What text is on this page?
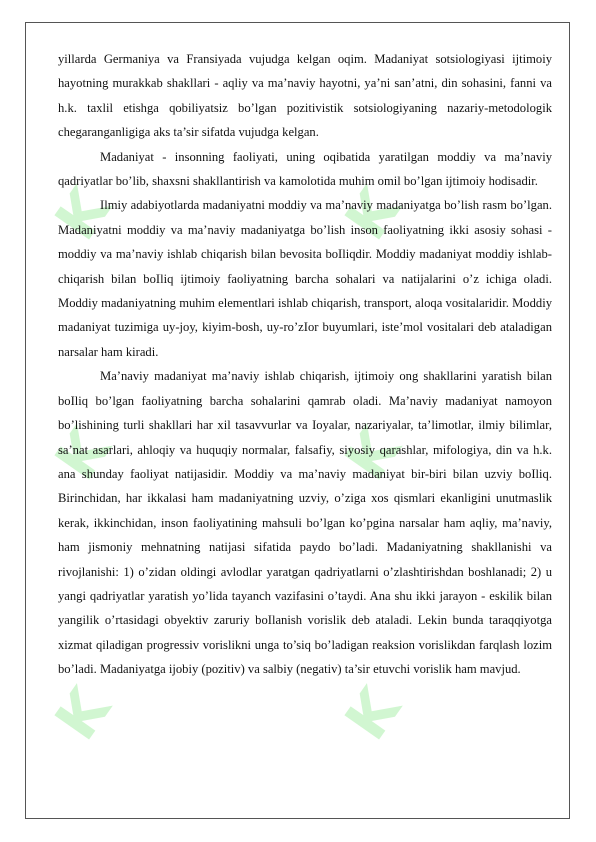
K	K
K	K
K	K

yillarda Germaniya va Fransiyada vujudga kelgan oqim. Madaniyat sotsiologiyasi ijtimoiy hayotning murakkab shakllari - aqliy va ma’naviy hayotni, ya’ni san’atni, din sohasini, fanni va h.k. taxlil etishga qobiliyatsiz bo’lgan pozitivistik sotsiologiyaning nazariy-metodologik chegaranganligiga aks ta’sir sifatda vujudga kelgan.

Madaniyat - insonning faoliyati, uning oqibatida yaratilgan moddiy va ma’naviy qadriyatlar bo’lib, shaxsni shakllantirish va kamolotida muhim omil bo’lgan ijtimoiy hodisadir.

Ilmiy adabiyotlarda madaniyatni moddiy va ma’naviy madaniyatga bo’lish rasm bo’lgan. Madaniyatni moddiy va ma’naviy madaniyatga bo’lish inson faoliyatning ikki asosiy sohasi - moddiy va ma’naviy ishlab chiqarish bilan bevosita boIliqdir. Moddiy madaniyat moddiy ishlab-chiqarish bilan boIliq ijtimoiy faoliyatning barcha sohalari va natijalarini o’z ichiga oladi. Moddiy madaniyatning muhim elementlari ishlab chiqarish, transport, aloqa vositalaridir. Moddiy madaniyat tuzimiga uy-joy, kiyim-bosh, uy-ro’zIor buyumlari, iste’mol vositalari deb ataladigan narsalar ham kiradi.

Ma’naviy madaniyat ma’naviy ishlab chiqarish, ijtimoiy ong shakllarini yaratish bilan boIliq bo’lgan faoliyatning barcha sohalarini qamrab oladi. Ma’naviy madaniyat namoyon bo’lishining turli shakllari har xil tasavvurlar va Ioyalar, nazariyalar, ta’limotlar, ilmiy bilimlar, sa’nat asarlari, ahloqiy va huquqiy normalar, falsafiy, siyosiy qarashlar, mifologiya, din va h.k. ana shunday faoliyat natijasidir. Moddiy va ma’naviy madaniyat bir-biri bilan uzviy boIliq. Birinchidan, har ikkalasi ham madaniyatning uzviy, o’ziga xos qismlari ekanligini unutmaslik kerak, ikkinchidan, inson faoliyatining mahsuli bo’lgan ko’pgina narsalar ham aqliy, ma’naviy, ham jismoniy mehnatning natijasi sifatida paydo bo’ladi. Madaniyatning shakllanishi va rivojlanishi: 1) o’zidan oldingi avlodlar yaratgan qadriyatlarni o’zlashtirishdan boshlanadi; 2) u yangi qadriyatlar yaratish yo’lida tayanch vazifasini o’taydi. Ana shu ikki jarayon - eskilik bilan yangilik o’rtasidagi obyektiv zaruriy boIlanish vorislik deb ataladi. Lekin bunda taraqqiyotga xizmat qiladigan progressiv vorislikni unga to’siq bo’ladigan reaksion vorislikdan farqlash lozim bo’ladi. Madaniyatga ijobiy (pozitiv) va salbiy (negativ) ta’sir etuvchi vorislik ham mavjud.
